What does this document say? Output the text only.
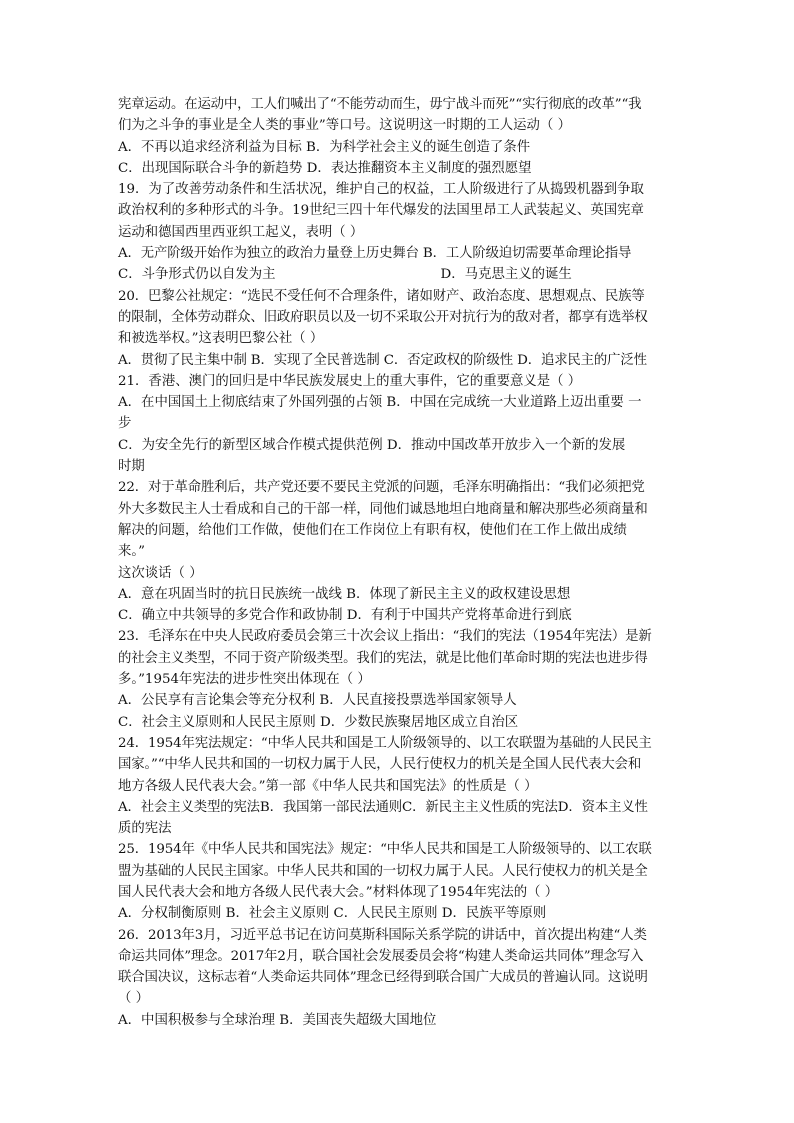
宪章运动。在运动中，工人们喊出了“不能劳动而生，毋宁战斗而死”“实行彻底的改革”“我
们为之斗争的事业是全人类的事业”等口号。这说明这一时期的工人运动（ ）
A．不再以追求经济利益为目标 B．为科学社会主义的诞生创造了条件
C．出现国际联合斗争的新趋势 D．表达推翻资本主义制度的强烈愿望
19．为了改善劳动条件和生活状况，维护自己的权益，工人阶级进行了从捣毁机器到争取
政治权利的多种形式的斗争。19世纪三四十年代爆发的法国里昂工人武装起义、英国宪章
运动和德国西里西亚织工起义，表明（ ）
A．无产阶级开始作为独立的政治力量登上历史舞台 B．工人阶级迫切需要革命理论指导
C．斗争形式仍以自发为主	D．马克思主义的诞生
20．巴黎公社规定：“选民不受任何不合理条件，诸如财产、政治态度、思想观点、民族等
的限制，全体劳动群众、旧政府职员以及一切不采取公开对抗行为的敌对者，都享有选举权
和被选举权。”这表明巴黎公社（ ）
A．贯彻了民主集中制 B．实现了全民普选制 C．否定政权的阶级性 D．追求民主的广泛性
21．香港、澳门的回归是中华民族发展史上的重大事件，它的重要意义是（ ）
A．在中国国土上彻底结束了外国列强的占领 B．中国在完成统一大业道路上迈出重要 一
步
C．为安全先行的新型区域合作模式提供范例 D．推动中国改革开放步入一个新的发展
时期
22．对于革命胜利后，共产党还要不要民主党派的问题，毛泽东明确指出：“我们必须把党
外大多数民主人士看成和自己的干部一样，同他们诚恳地坦白地商量和解决那些必须商量和
解决的问题，给他们工作做，使他们在工作岗位上有职有权，使他们在工作上做出成绩
来。”
这次谈话（ ）
A．意在巩固当时的抗日民族统一战线 B．体现了新民主主义的政权建设思想
C．确立中共领导的多党合作和政协制 D．有利于中国共产党将革命进行到底
23．毛泽东在中央人民政府委员会第三十次会议上指出：“我们的宪法（1954年宪法）是新
的社会主义类型，不同于资产阶级类型。我们的宪法，就是比他们革命时期的宪法也进步得
多。”1954年宪法的进步性突出体现在（ ）
A．公民享有言论集会等充分权利 B．人民直接投票选举国家领导人
C．社会主义原则和人民民主原则 D．少数民族聚居地区成立自治区
24．1954年宪法规定：“中华人民共和国是工人阶级领导的、以工农联盟为基础的人民民主
国家。”“中华人民共和国的一切权力属于人民，人民行使权力的机关是全国人民代表大会和
地方各级人民代表大会。”第一部《中华人民共和国宪法》的性质是（ ）
A．社会主义类型的宪法B．我国第一部民法通则C．新民主主义性质的宪法D．资本主义性
质的宪法
25．1954年《中华人民共和国宪法》规定：“中华人民共和国是工人阶级领导的、以工农联
盟为基础的人民民主国家。中华人民共和国的一切权力属于人民。人民行使权力的机关是全
国人民代表大会和地方各级人民代表大会。”材料体现了1954年宪法的（ ）
A．分权制衡原则 B．社会主义原则 C．人民民主原则 D．民族平等原则
26．2013年3月，习近平总书记在访问莫斯科国际关系学院的讲话中，首次提出构建“人类
命运共同体”理念。2017年2月，联合国社会发展委员会将“构建人类命运共同体”理念写入
联合国决议，这标志着“人类命运共同体”理念已经得到联合国广大成员的普遍认同。这说明
（ ）
A．中国积极参与全球治理 B．美国丧失超级大国地位
